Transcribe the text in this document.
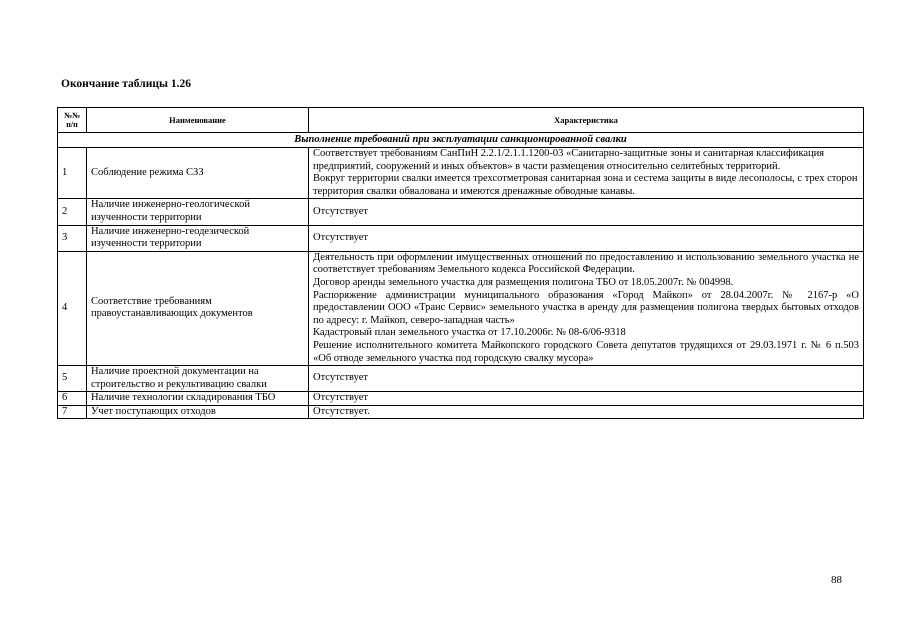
Окончание таблицы 1.26
№№ п/п	Наименование	Характеристика
Выполнение требований при эксплуатации санкционированной свалки		
1	Соблюдение режима СЗЗ	Соответствует требованиям СанПиН 2.2.1/2.1.1.1200-03 «Санитарно-защитные зоны и санитарная классификация предприятий, сооружений и иных объектов» в части размещения относительно селитебных территорий.

Вокруг территории свалки имеется трехсотметровая санитарная зона и сестема защиты в виде лесополосы, с трех сторон территория свалки обвалована и имеются дренажные обводные канавы.

2	Наличие инженерно-геологической изученности территории	Отсутствует

3	Наличие инженерно-геодезической изученности территории	Отсутствует

4	Соответствие требованиям правоустанавливающих документов	Деятельность при оформлении имущественных отношений по предоставлению и использованию земельного участка не соответствует требованиям Земельного кодекса Российской Федерации.

Договор аренды земельного участка для размещения полигона ТБО от 18.05.2007г. № 004998.

Распоряжение администрации муниципального образования «Город Майкоп» от 28.04.2007г. № 2167-р «О предоставлении ООО «Транс Сервис» земельного участка в аренду для размещения полигона твердых бытовых отходов по адресу: г. Майкоп, северо-западная часть»

Кадастровый план земельного участка от 17.10.2006г. № 08-6/06-9318

Решение исполнительного комитета Майкопского городского Совета депутатов трудящихся от 29.03.1971 г. № 6 п.503 «Об отводе земельного участка под городскую свалку мусора»

5	Наличие проектной документации на строительство и рекультивацию свалки	Отсутствует

6	Наличие технологии складирования ТБО	Отсутствует

7	Учет поступающих отходов	Отсутствует.

88
